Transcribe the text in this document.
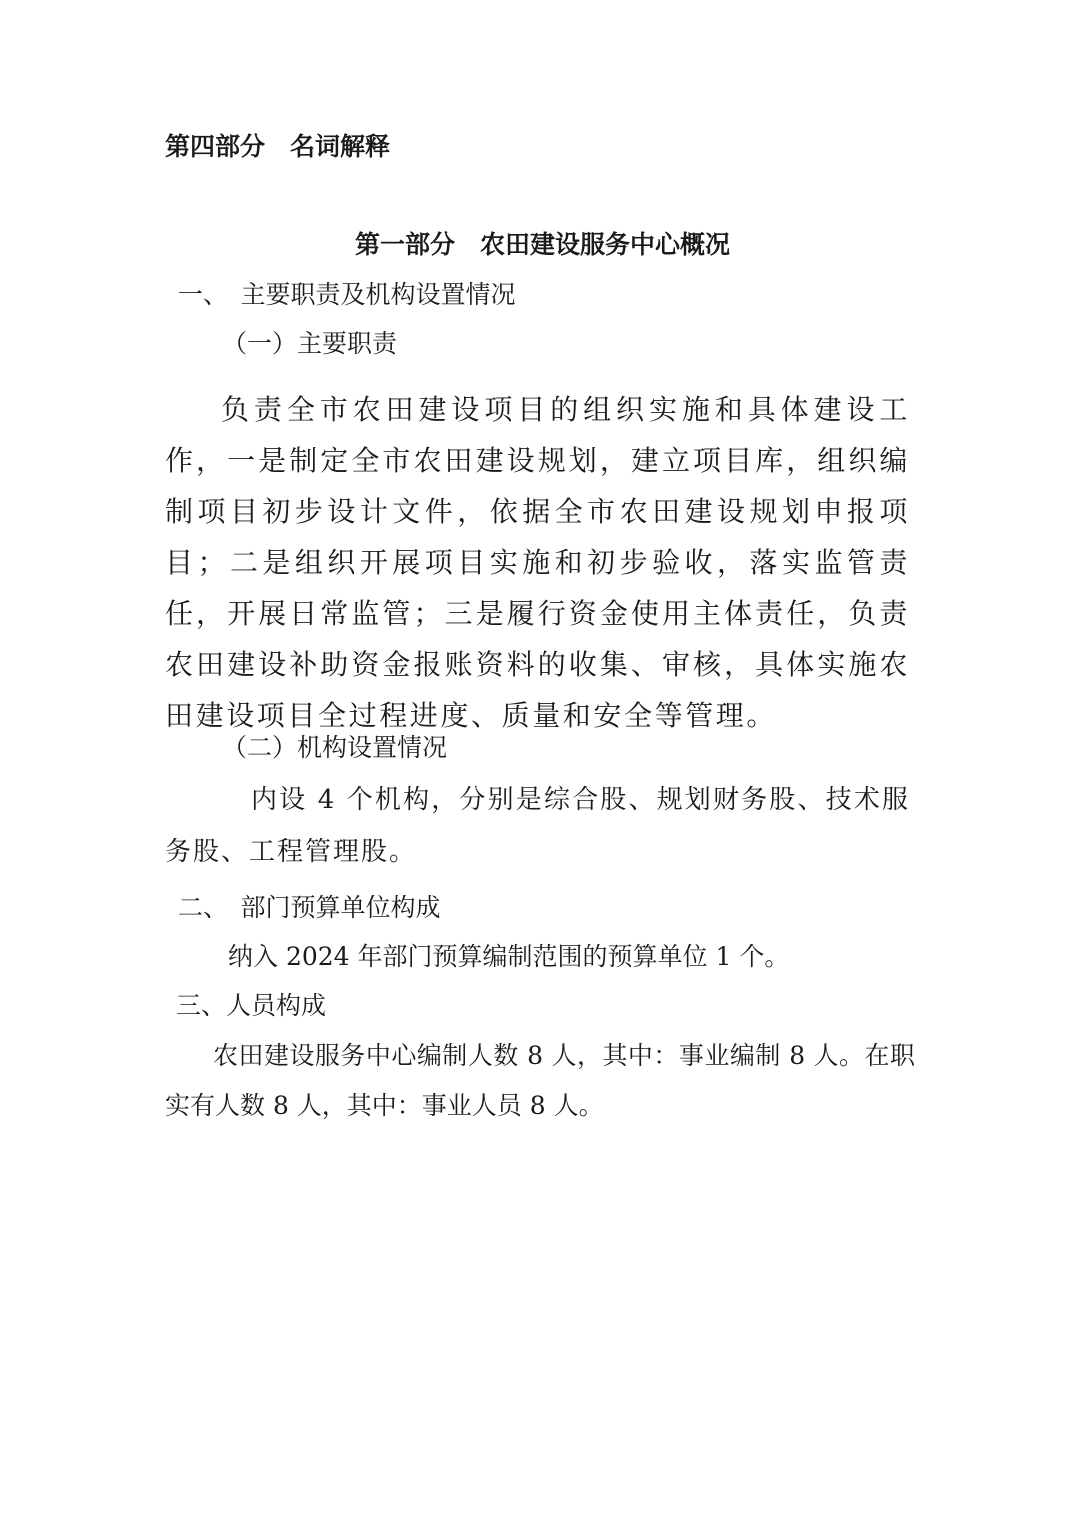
第四部分　名词解释
第一部分　农田建设服务中心概况
一、　主要职责及机构设置情况
（一）主要职责
负责全市农田建设项目的组织实施和具体建设工作，一是制定全市农田建设规划，建立项目库，组织编制项目初步设计文件，依据全市农田建设规划申报项目；二是组织开展项目实施和初步验收，落实监管责任，开展日常监管；三是履行资金使用主体责任，负责农田建设补助资金报账资料的收集、审核，具体实施农田建设项目全过程进度、质量和安全等管理。
（二）机构设置情况
内设 4 个机构，分别是综合股、规划财务股、技术服务股、工程管理股。
二、　部门预算单位构成
纳入 2024 年部门预算编制范围的预算单位 1 个。
三、人员构成
农田建设服务中心编制人数 8 人，其中：事业编制 8 人。在职实有人数 8 人，其中：事业人员 8 人。
